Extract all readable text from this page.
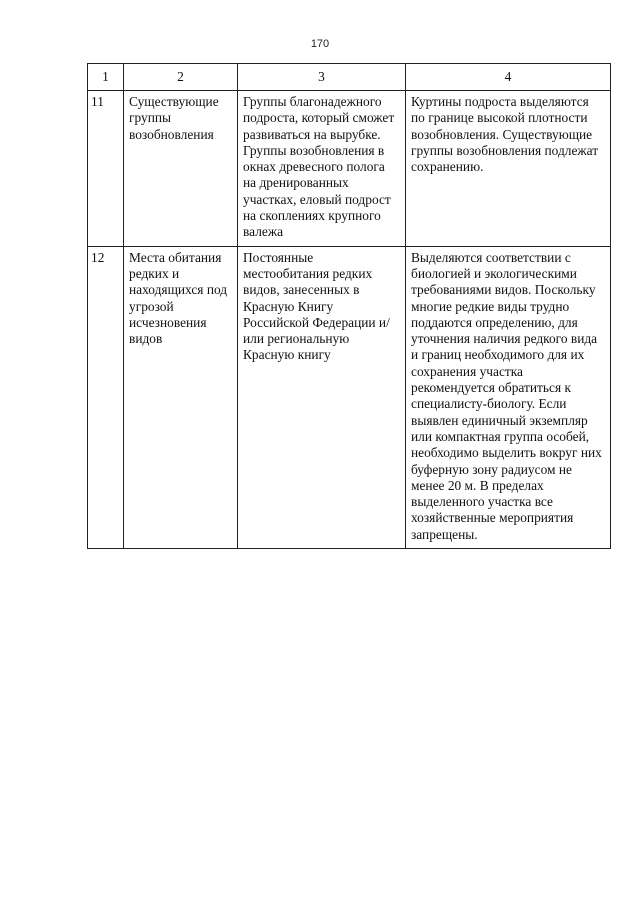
170
1	2	3	4
11	Существующие группы возобновления	Группы благонадежного подроста, который сможет развиваться на вырубке. Группы возобновления в окнах древесного полога на дренированных участках, еловый подрост на скоплениях крупного валежа	Куртины подроста выделяются по границе высокой плотности возобновления. Существующие группы возобновления подлежат сохранению.

12	Места обитания редких и находящихся под угрозой исчезновения видов	Постоянные местообитания редких видов, занесенных в Красную Книгу Российской Федерации и/или региональную Красную книгу	Выделяются соответствии с биологией и экологическими требованиями видов. Поскольку многие редкие виды трудно поддаются определению, для уточнения наличия редкого вида и границ необходимого для их сохранения участка рекомендуется обратиться к специалисту-биологу. Если выявлен единичный экземпляр или компактная группа особей, необходимо выделить вокруг них буферную зону радиусом не менее 20 м. В пределах выделенного участка все хозяйственные мероприятия запрещены.
